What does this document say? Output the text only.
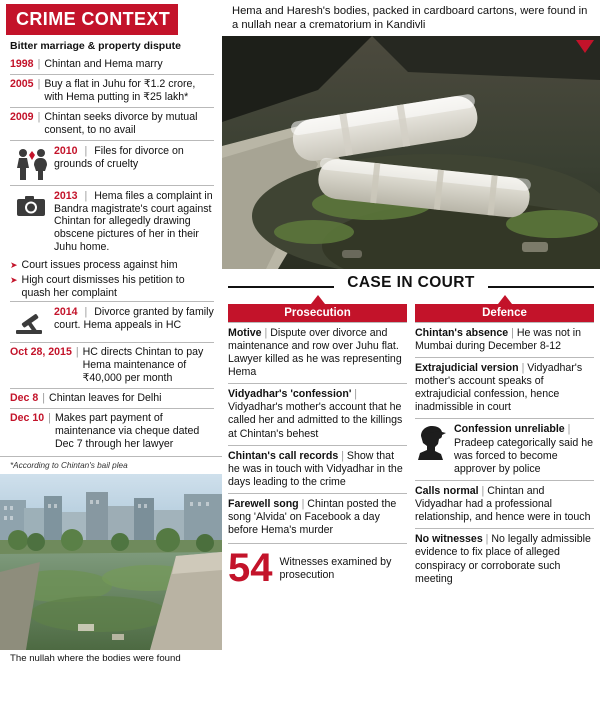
CRIME CONTEXT
Bitter marriage & property dispute
1998 | Chintan and Hema marry
2005 | Buy a flat in Juhu for ₹1.2 crore, with Hema putting in ₹25 lakh*
2009 | Chintan seeks divorce by mutual consent, to no avail
2010 | Files for divorce on grounds of cruelty
2013 | Hema files a complaint in Bandra magistrate's court against Chintan for allegedly drawing obscene pictures of her in their Juhu home.
➤ Court issues process against him
➤ High court dismisses his petition to quash her complaint
2014 | Divorce granted by family court. Hema appeals in HC
Oct 28, 2015 | HC directs Chintan to pay Hema maintenance of ₹40,000 per month
Dec 8 | Chintan leaves for Delhi
Dec 10 | Makes part payment of maintenance via cheque dated Dec 7 through her lawyer
*According to Chintan's bail plea
The nullah where the bodies were found
Hema and Haresh's bodies, packed in cardboard cartons, were found in a nullah near a crematorium in Kandivli
CASE IN COURT
Prosecution
Motive | Dispute over divorce and maintenance and row over Juhu flat. Lawyer killed as he was representing Hema
Vidyadhar's 'confession' | Vidyadhar's mother's account that he called her and admitted to the killings at Chintan's behest
Chintan's call records | Show that he was in touch with Vidyadhar in the days leading to the crime
Farewell song | Chintan posted the song 'Alvida' on Facebook a day before Hema's murder
54 Witnesses examined by prosecution
Defence
Chintan's absence | He was not in Mumbai during December 8-12
Extrajudicial version | Vidyadhar's mother's account speaks of extrajudicial confession, hence inadmissible in court
Confession unreliable | Pradeep categorically said he was forced to become approver by police
Calls normal | Chintan and Vidyadhar had a professional relationship, and hence were in touch
No witnesses | No legally admissible evidence to fix place of alleged conspiracy or corroborate such meeting
